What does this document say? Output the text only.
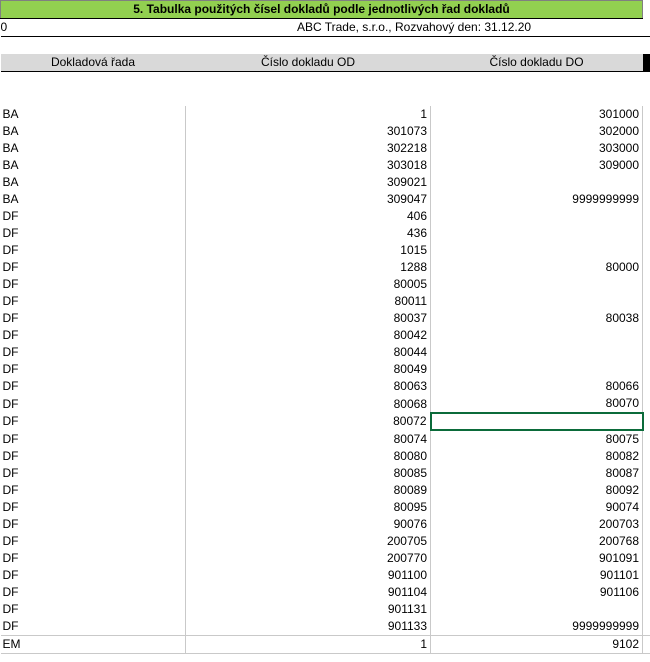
5. Tabulka použitých čísel dokladů podle jednotlivých řad dokladů			
0	ABC Trade, s.r.o., Rozvahový den: 31.12.20		

Dokladová řada	Číslo dokladu OD	Číslo dokladu DO	

BA	1	301000	
BA	301073	302000	
BA	302218	303000	
BA	303018	309000	
BA	309021		
BA	309047	9999999999	
DF	406		
DF	436		
DF	1015		
DF	1288	80000	
DF	80005		
DF	80011		
DF	80037	80038	
DF	80042		
DF	80044		
DF	80049		
DF	80063	80066	
DF	80068	80070	
DF	80072		
DF	80074	80075	
DF	80080	80082	
DF	80085	80087	
DF	80089	80092	
DF	80095	90074	
DF	90076	200703	
DF	200705	200768	
DF	200770	901091	
DF	901100	901101	
DF	901104	901106	
DF	901131		
DF	901133	9999999999	
EM	1	9102	
